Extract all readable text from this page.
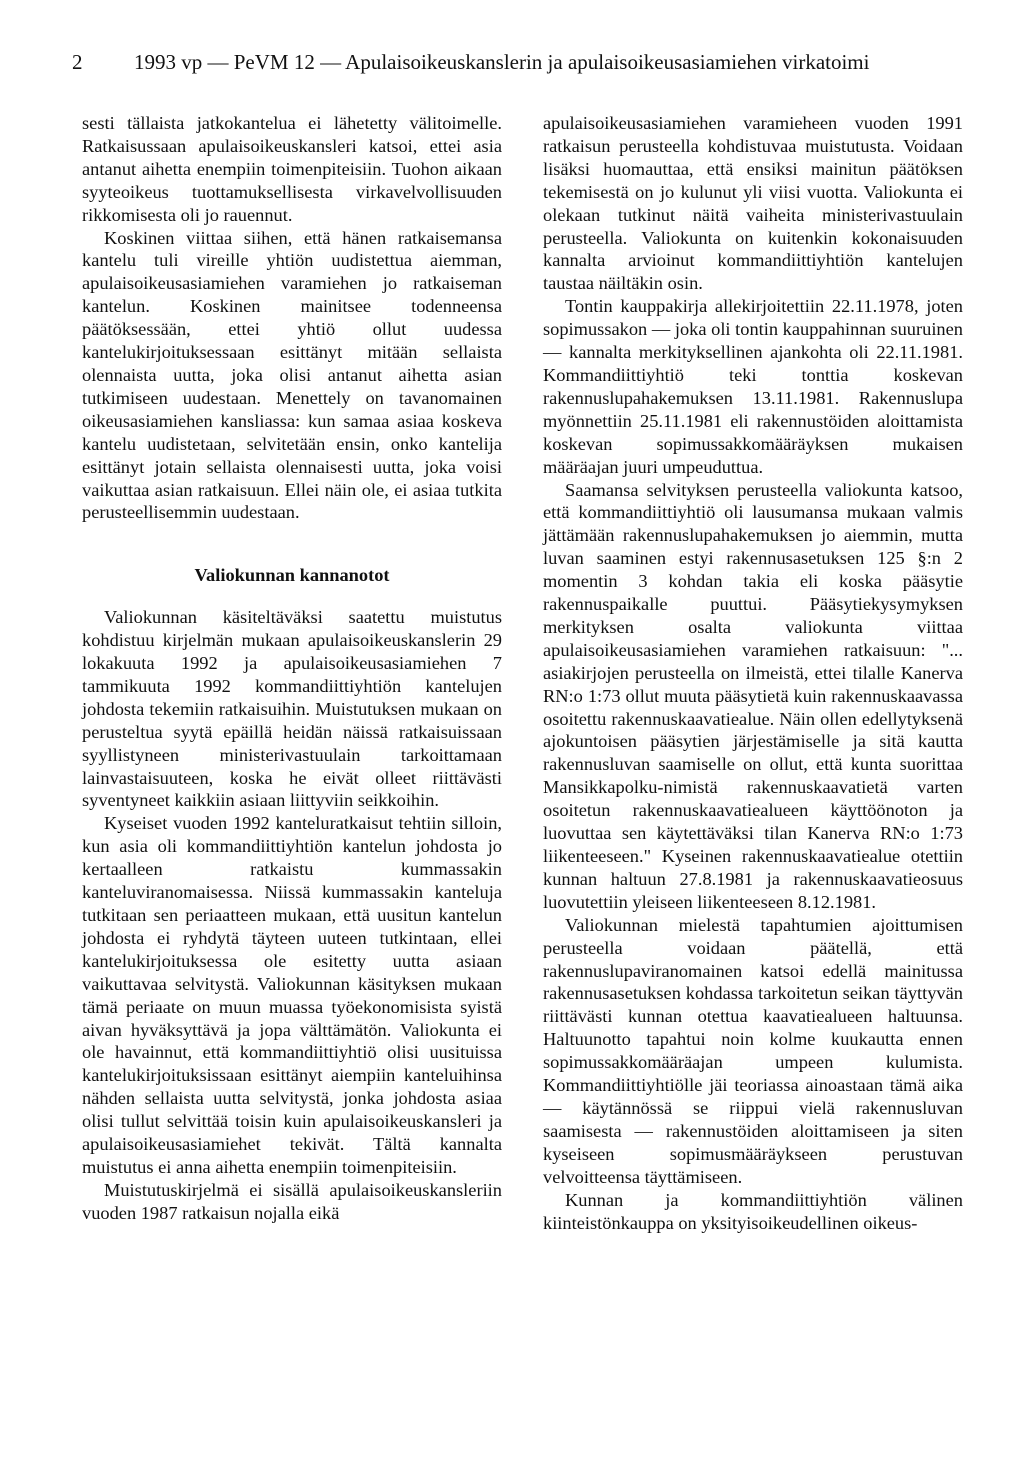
2 1993 vp — PeVM 12 — Apulaisoikeuskanslerin ja apulaisoikeusasiamiehen virkatoimi

sesti tällaista jatkokantelua ei lähetetty välitoimelle. Ratkaisussaan apulaisoikeuskansleri katsoi, ettei asia antanut aihetta enempiin toimenpiteisiin. Tuohon aikaan syyteoikeus tuottamuksellisesta virkavelvollisuuden rikkomisesta oli jo rauennut.

Koskinen viittaa siihen, että hänen ratkaisemansa kantelu tuli vireille yhtiön uudistettua aiemman, apulaisoikeusasiamiehen varamiehen jo ratkaiseman kantelun. Koskinen mainitsee todenneensa päätöksessään, ettei yhtiö ollut uudessa kantelukirjoituksessaan esittänyt mitään sellaista olennaista uutta, joka olisi antanut aihetta asian tutkimiseen uudestaan. Menettely on tavanomainen oikeusasiamiehen kansliassa: kun samaa asiaa koskeva kantelu uudistetaan, selvitetään ensin, onko kantelija esittänyt jotain sellaista olennaisesti uutta, joka voisi vaikuttaa asian ratkaisuun. Ellei näin ole, ei asiaa tutkita perusteellisemmin uudestaan.

Valiokunnan kannanotot

Valiokunnan käsiteltäväksi saatettu muistutus kohdistuu kirjelmän mukaan apulaisoikeuskanslerin 29 lokakuuta 1992 ja apulaisoikeusasiamiehen 7 tammikuuta 1992 kommandiittiyhtiön kantelujen johdosta tekemiin ratkaisuihin. Muistutuksen mukaan on perusteltua syytä epäillä heidän näissä ratkaisuissaan syyllistyneen ministerivastuulain tarkoittamaan lainvastaisuuteen, koska he eivät olleet riittävästi syventyneet kaikkiin asiaan liittyviin seikkoihin.

Kyseiset vuoden 1992 kanteluratkaisut tehtiin silloin, kun asia oli kommandiittiyhtiön kantelun johdosta jo kertaalleen ratkaistu kummassakin kanteluviranomaisessa. Niissä kummassakin kanteluja tutkitaan sen periaatteen mukaan, että uusitun kantelun johdosta ei ryhdytä täyteen uuteen tutkintaan, ellei kantelukirjoituksessa ole esitetty uutta asiaan vaikuttavaa selvitystä. Valiokunnan käsityksen mukaan tämä periaate on muun muassa työekonomisista syistä aivan hyväksyttävä ja jopa välttämätön. Valiokunta ei ole havainnut, että kommandiittiyhtiö olisi uusituissa kantelukirjoituksissaan esittänyt aiempiin kanteluihinsa nähden sellaista uutta selvitystä, jonka johdosta asiaa olisi tullut selvittää toisin kuin apulaisoikeuskansleri ja apulaisoikeusasiamiehet tekivät. Tältä kannalta muistutus ei anna aihetta enempiin toimenpiteisiin.

Muistutuskirjelmä ei sisällä apulaisoikeuskansleriin vuoden 1987 ratkaisun nojalla eikä

apulaisoikeusasiamiehen varamieheen vuoden 1991 ratkaisun perusteella kohdistuvaa muistutusta. Voidaan lisäksi huomauttaa, että ensiksi mainitun päätöksen tekemisestä on jo kulunut yli viisi vuotta. Valiokunta ei olekaan tutkinut näitä vaiheita ministerivastuulain perusteella. Valiokunta on kuitenkin kokonaisuuden kannalta arvioinut kommandiittiyhtiön kantelujen taustaa näiltäkin osin.

Tontin kauppakirja allekirjoitettiin 22.11.1978, joten sopimussakon — joka oli tontin kauppahinnan suuruinen — kannalta merkityksellinen ajankohta oli 22.11.1981. Kommandiittiyhtiö teki tonttia koskevan rakennuslupahakemuksen 13.11.1981. Rakennuslupa myönnettiin 25.11.1981 eli rakennustöiden aloittamista koskevan sopimussakkomääräyksen mukaisen määräajan juuri umpeuduttua.

Saamansa selvityksen perusteella valiokunta katsoo, että kommandiittiyhtiö oli lausumansa mukaan valmis jättämään rakennuslupahakemuksen jo aiemmin, mutta luvan saaminen estyi rakennusasetuksen 125 §:n 2 momentin 3 kohdan takia eli koska pääsytie rakennuspaikalle puuttui. Pääsytiekysymyksen merkityksen osalta valiokunta viittaa apulaisoikeusasiamiehen varamiehen ratkaisuun: "... asiakirjojen perusteella on ilmeistä, ettei tilalle Kanerva RN:o 1:73 ollut muuta pääsytietä kuin rakennuskaavassa osoitettu rakennuskaavatiealue. Näin ollen edellytyksenä ajokuntoisen pääsytien järjestämiselle ja sitä kautta rakennusluvan saamiselle on ollut, että kunta suorittaa Mansikkapolku-nimistä rakennuskaavatietä varten osoitetun rakennuskaavatiealueen käyttöönoton ja luovuttaa sen käytettäväksi tilan Kanerva RN:o 1:73 liikenteeseen." Kyseinen rakennuskaavatiealue otettiin kunnan haltuun 27.8.1981 ja rakennuskaavatieosuus luovutettiin yleiseen liikenteeseen 8.12.1981.

Valiokunnan mielestä tapahtumien ajoittumisen perusteella voidaan päätellä, että rakennuslupaviranomainen katsoi edellä mainitussa rakennusasetuksen kohdassa tarkoitetun seikan täyttyvän riittävästi kunnan otettua kaavatiealueen haltuunsa. Haltuunotto tapahtui noin kolme kuukautta ennen sopimussakkomääräajan umpeen kulumista. Kommandiittiyhtiölle jäi teoriassa ainoastaan tämä aika — käytännössä se riippui vielä rakennusluvan saamisesta — rakennustöiden aloittamiseen ja siten kyseiseen sopimusmääräykseen perustuvan velvoitteensa täyttämiseen.

Kunnan ja kommandiittiyhtiön välinen kiinteistönkauppa on yksityisoikeudellinen oikeus-
